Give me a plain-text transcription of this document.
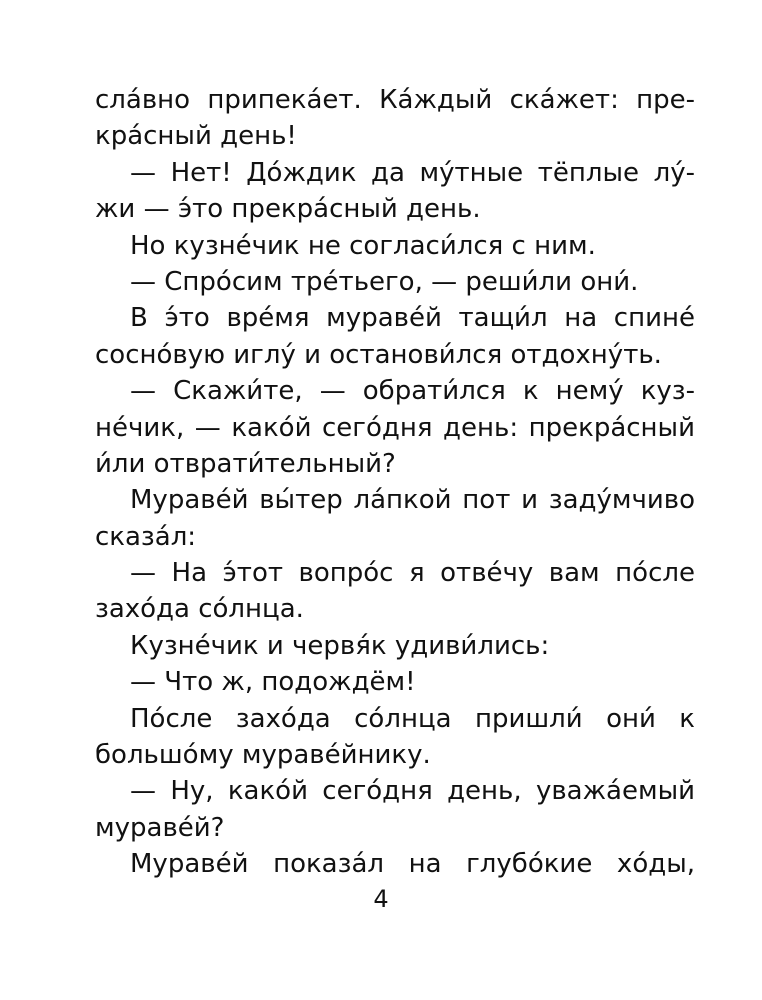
сла́вно припека́ет. Ка́ждый ска́жет: пре-
кра́сный день!
— Нет! До́ждик да му́тные тёплые лу́-
жи — э́то прекра́сный день.
Но кузне́чик не согласи́лся с ним.
— Спро́сим тре́тьего, — реши́ли они́.
В э́то вре́мя мураве́й тащи́л на спине́
сосно́вую иглу́ и останови́лся отдохну́ть.
— Скажи́те, — обрати́лся к нему́ куз-
не́чик, — како́й сего́дня день: прекра́сный
и́ли отврати́тельный?
Мураве́й вы́тер ла́пкой пот и заду́мчиво
сказа́л:
— На э́тот вопро́с я отве́чу вам по́сле
захо́да со́лнца.
Кузне́чик и червя́к удиви́лись:
— Что ж, подождём!
По́сле захо́да со́лнца пришли́ они́ к
большо́му мураве́йнику.
— Ну, како́й сего́дня день, уважа́емый
мураве́й?
Мураве́й показа́л на глубо́кие хо́ды,
4
